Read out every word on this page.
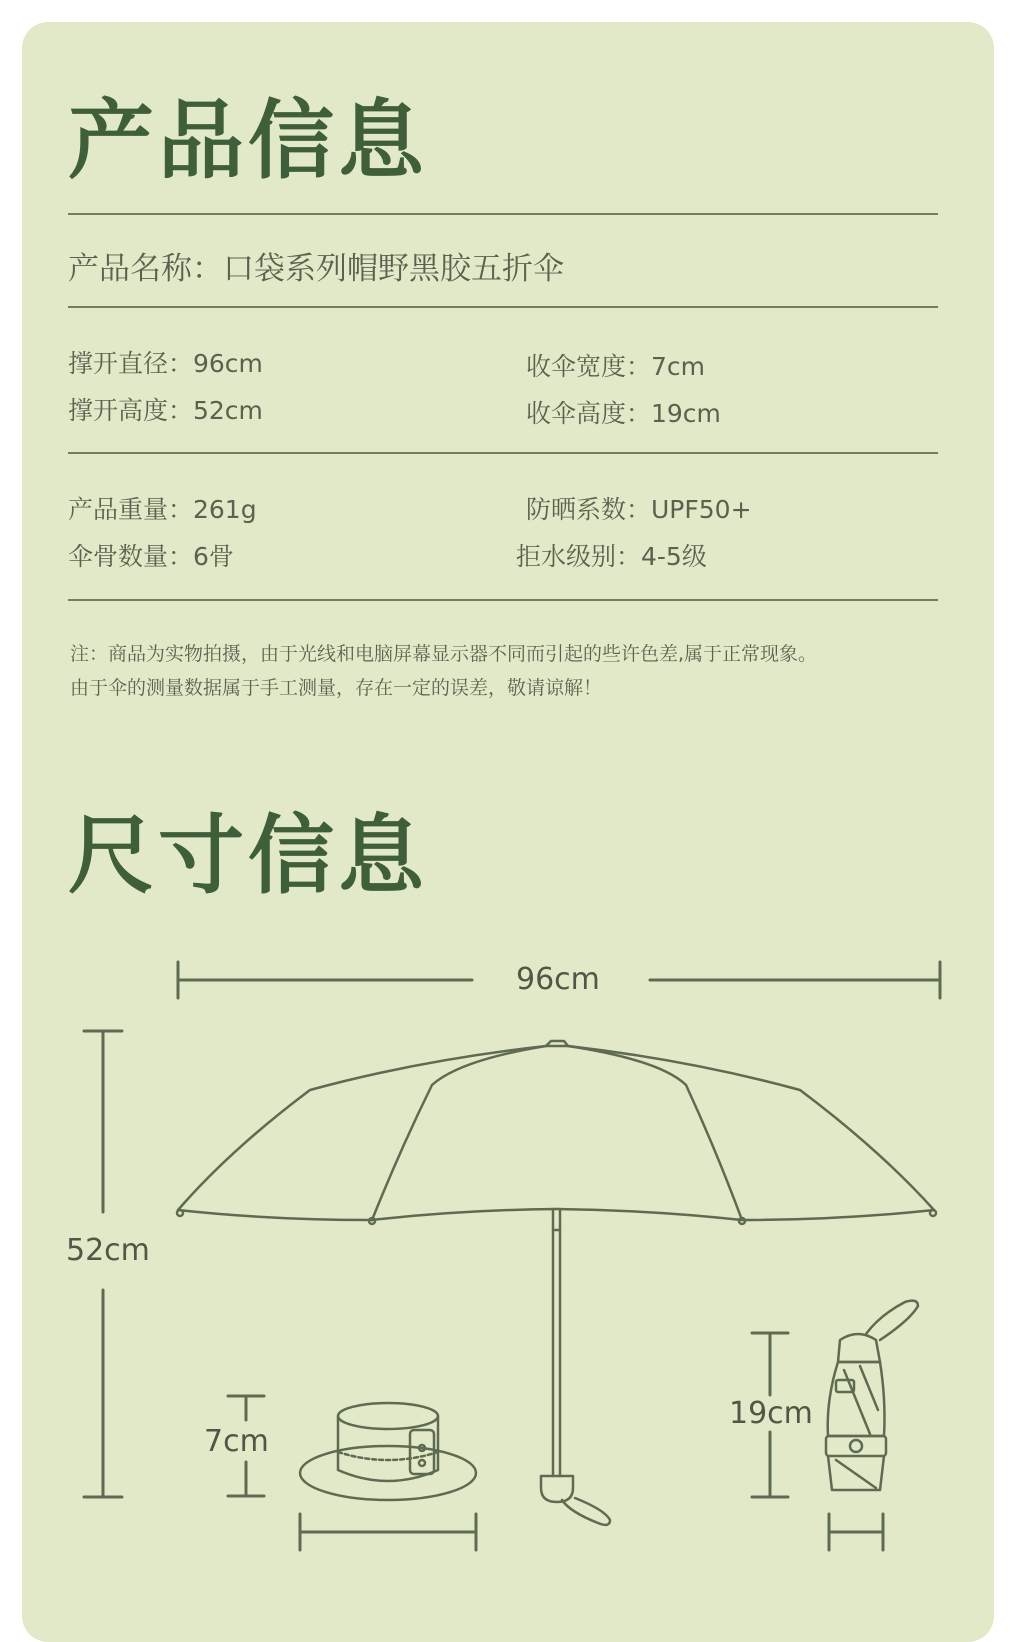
产品信息
产品名称：口袋系列帽野黑胶五折伞
撑开直径：96cm	收伞宽度：7cm
撑开高度：52cm	收伞高度：19cm
产品重量：261g	防晒系数：UPF50+
伞骨数量：6骨	拒水级别：4-5级
注：商品为实物拍摄，由于光线和电脑屏幕显示器不同而引起的些许色差,属于正常现象。
由于伞的测量数据属于手工测量，存在一定的误差，敬请谅解！
尺寸信息
96cm
52cm
7cm
19cm
